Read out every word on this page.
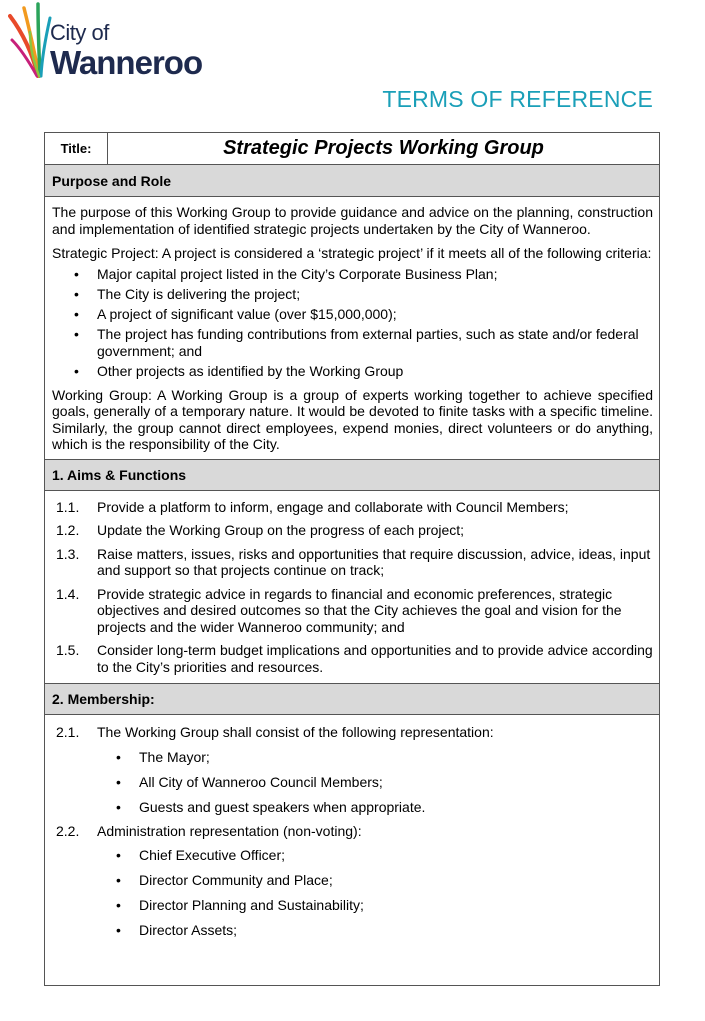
City of
Wanneroo
TERMS OF REFERENCE
Title:	Strategic Projects Working Group
Purpose and Role

The purpose of this Working Group to provide guidance and advice on the planning, construction and implementation of identified strategic projects undertaken by the City of Wanneroo.

Strategic Project: A project is considered a ‘strategic project’ if it meets all of the following criteria:

• Major capital project listed in the City’s Corporate Business Plan;
• The City is delivering the project;
• A project of significant value (over $15,000,000);
• The project has funding contributions from external parties, such as state and/or federal government; and
• Other projects as identified by the Working Group

Working Group: A Working Group is a group of experts working together to achieve specified goals, generally of a temporary nature. It would be devoted to finite tasks with a specific timeline. Similarly, the group cannot direct employees, expend monies, direct volunteers or do anything, which is the responsibility of the City.

1. Aims & Functions
1.1. Provide a platform to inform, engage and collaborate with Council Members;
1.2. Update the Working Group on the progress of each project;
1.3. Raise matters, issues, risks and opportunities that require discussion, advice, ideas, input and support so that projects continue on track;
1.4. Provide strategic advice in regards to financial and economic preferences, strategic objectives and desired outcomes so that the City achieves the goal and vision for the projects and the wider Wanneroo community; and
1.5. Consider long-term budget implications and opportunities and to provide advice according to the City’s priorities and resources.
2. Membership:
2.1. The Working Group shall consist of the following representation:
• The Mayor;
• All City of Wanneroo Council Members;
• Guests and guest speakers when appropriate.
2.2. Administration representation (non-voting):
• Chief Executive Officer;
• Director Community and Place;
• Director Planning and Sustainability;
• Director Assets;
